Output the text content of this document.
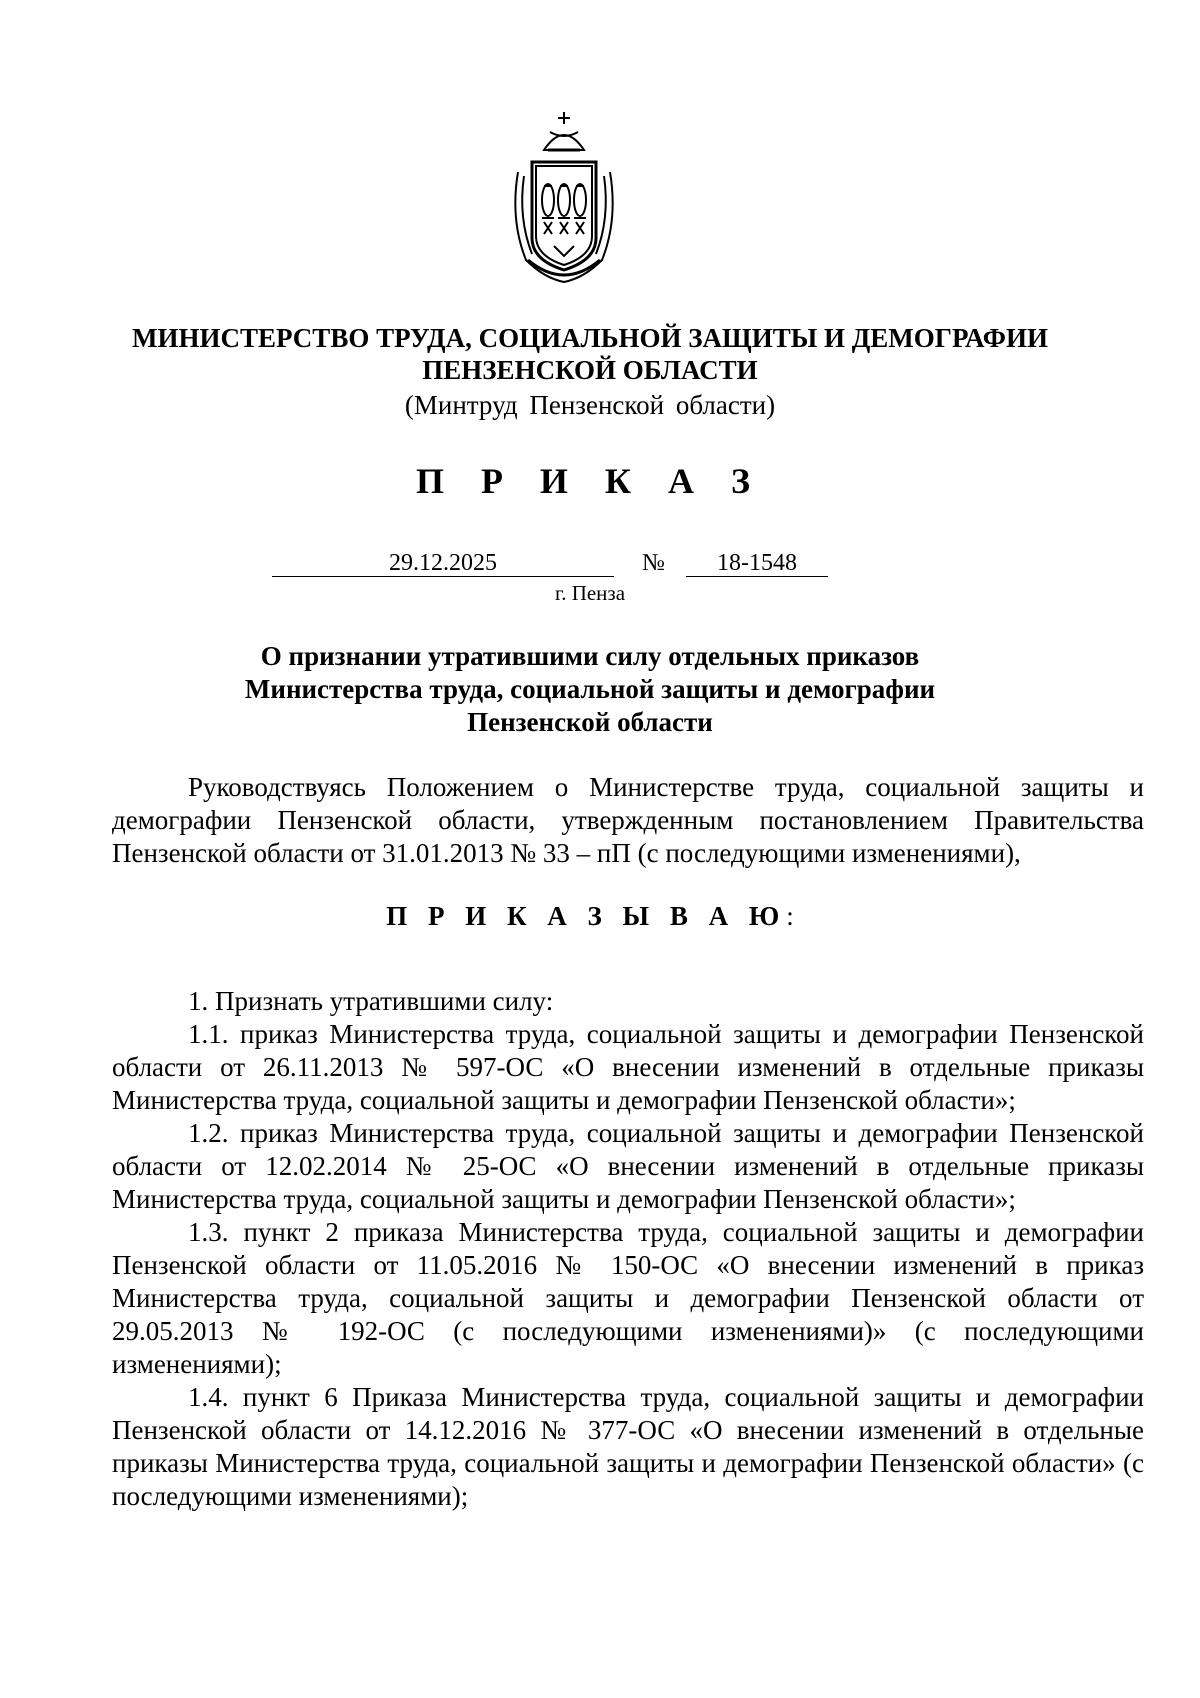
МИНИСТЕРСТВО ТРУДА, СОЦИАЛЬНОЙ ЗАЩИТЫ И ДЕМОГРАФИИ
ПЕНЗЕНСКОЙ ОБЛАСТИ
(Минтруд Пензенской области)
П Р И К А З
29.12.2025	№	18-1548
г. Пенза
О признании утратившими силу отдельных приказов
Министерства труда, социальной защиты и демографии
Пензенской области
Руководствуясь Положением о Министерстве труда, социальной защиты и демографии Пензенской области, утвержденным постановлением Правительства Пензенской области от 31.01.2013 № 33 – пП (с последующими изменениями),
П Р И К А З Ы В А Ю:

1. Признать утратившими силу:

1.1. приказ Министерства труда, социальной защиты и демографии Пензенской области от 26.11.2013 № 597-ОС «О внесении изменений в отдельные приказы Министерства труда, социальной защиты и демографии Пензенской области»;

1.2. приказ Министерства труда, социальной защиты и демографии Пензенской области от 12.02.2014 № 25-ОС «О внесении изменений в отдельные приказы Министерства труда, социальной защиты и демографии Пензенской области»;

1.3. пункт 2 приказа Министерства труда, социальной защиты и демографии Пензенской области от 11.05.2016 № 150-ОС «О внесении изменений в приказ Министерства труда, социальной защиты и демографии Пензенской области от 29.05.2013 № 192-ОС (с последующими изменениями)» (с последующими изменениями);

1.4. пункт 6 Приказа Министерства труда, социальной защиты и демографии Пензенской области от 14.12.2016 № 377-ОС «О внесении изменений в отдельные приказы Министерства труда, социальной защиты и демографии Пензенской области» (с последующими изменениями);
